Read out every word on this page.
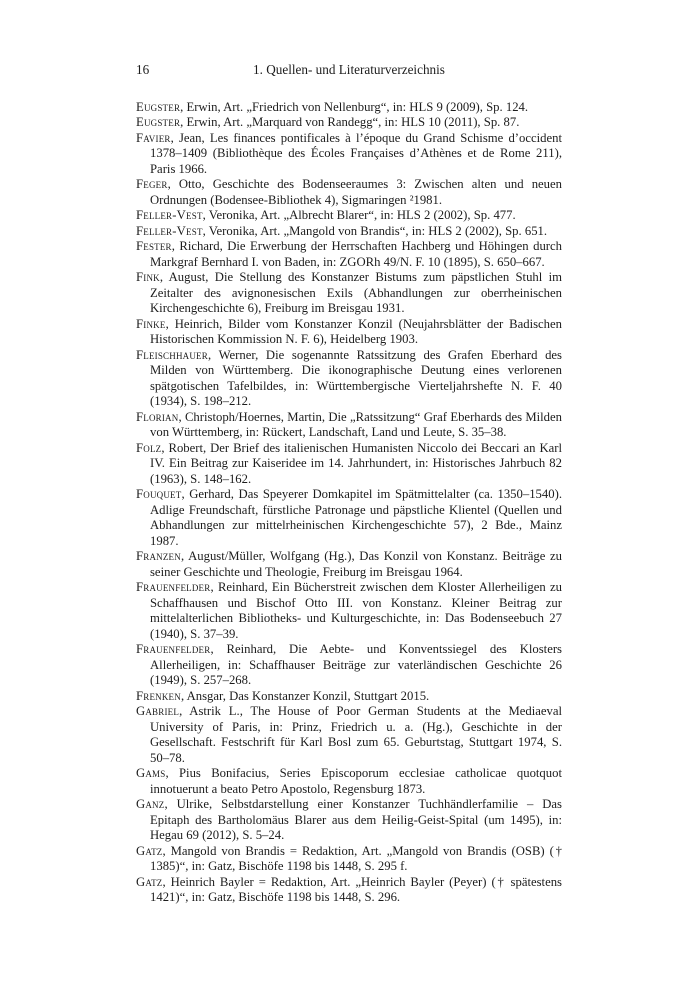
16	1. Quellen- und Literaturverzeichnis

Eugster, Erwin, Art. „Friedrich von Nellenburg“, in: HLS 9 (2009), Sp. 124.

Eugster, Erwin, Art. „Marquard von Randegg“, in: HLS 10 (2011), Sp. 87.

Favier, Jean, Les finances pontificales à l’époque du Grand Schisme d’occident 1378–1409 (Bibliothèque des Écoles Françaises d’Athènes et de Rome 211), Paris 1966.

Feger, Otto, Geschichte des Bodenseeraumes 3: Zwischen alten und neuen Ordnungen (Bodensee-Bibliothek 4), Sigmaringen ²1981.

Feller-Vest, Veronika, Art. „Albrecht Blarer“, in: HLS 2 (2002), Sp. 477.

Feller-Vest, Veronika, Art. „Mangold von Brandis“, in: HLS 2 (2002), Sp. 651.

Fester, Richard, Die Erwerbung der Herrschaften Hachberg und Höhingen durch Markgraf Bernhard I. von Baden, in: ZGORh 49/N. F. 10 (1895), S. 650–667.

Fink, August, Die Stellung des Konstanzer Bistums zum päpstlichen Stuhl im Zeitalter des avignonesischen Exils (Abhandlungen zur oberrheinischen Kirchengeschichte 6), Freiburg im Breisgau 1931.

Finke, Heinrich, Bilder vom Konstanzer Konzil (Neujahrsblätter der Badischen Historischen Kommission N. F. 6), Heidelberg 1903.

Fleischhauer, Werner, Die sogenannte Ratssitzung des Grafen Eberhard des Milden von Württemberg. Die ikonographische Deutung eines verlorenen spätgotischen Tafelbildes, in: Württembergische Vierteljahrshefte N. F. 40 (1934), S. 198–212.

Florian, Christoph/Hoernes, Martin, Die „Ratssitzung“ Graf Eberhards des Milden von Württemberg, in: Rückert, Landschaft, Land und Leute, S. 35–38.

Folz, Robert, Der Brief des italienischen Humanisten Niccolo dei Beccari an Karl IV. Ein Beitrag zur Kaiseridee im 14. Jahrhundert, in: Historisches Jahrbuch 82 (1963), S. 148–162.

Fouquet, Gerhard, Das Speyerer Domkapitel im Spätmittelalter (ca. 1350–1540). Adlige Freundschaft, fürstliche Patronage und päpstliche Klientel (Quellen und Abhandlungen zur mittelrheinischen Kirchengeschichte 57), 2 Bde., Mainz 1987.

Franzen, August/Müller, Wolfgang (Hg.), Das Konzil von Konstanz. Beiträge zu seiner Geschichte und Theologie, Freiburg im Breisgau 1964.

Frauenfelder, Reinhard, Ein Bücherstreit zwischen dem Kloster Allerheiligen zu Schaffhausen und Bischof Otto III. von Konstanz. Kleiner Beitrag zur mittelalterlichen Bibliotheks- und Kulturgeschichte, in: Das Bodenseebuch 27 (1940), S. 37–39.

Frauenfelder, Reinhard, Die Aebte- und Konventssiegel des Klosters Allerheiligen, in: Schaffhauser Beiträge zur vaterländischen Geschichte 26 (1949), S. 257–268.

Frenken, Ansgar, Das Konstanzer Konzil, Stuttgart 2015.

Gabriel, Astrik L., The House of Poor German Students at the Mediaeval University of Paris, in: Prinz, Friedrich u. a. (Hg.), Geschichte in der Gesellschaft. Festschrift für Karl Bosl zum 65. Geburtstag, Stuttgart 1974, S. 50–78.

Gams, Pius Bonifacius, Series Episcoporum ecclesiae catholicae quotquot innotuerunt a beato Petro Apostolo, Regensburg 1873.

Ganz, Ulrike, Selbstdarstellung einer Konstanzer Tuchhändlerfamilie – Das Epitaph des Bartholomäus Blarer aus dem Heilig-Geist-Spital (um 1495), in: Hegau 69 (2012), S. 5–24.

Gatz, Mangold von Brandis = Redaktion, Art. „Mangold von Brandis (OSB) († 1385)“, in: Gatz, Bischöfe 1198 bis 1448, S. 295 f.

Gatz, Heinrich Bayler = Redaktion, Art. „Heinrich Bayler (Peyer) († spätestens 1421)“, in: Gatz, Bischöfe 1198 bis 1448, S. 296.
